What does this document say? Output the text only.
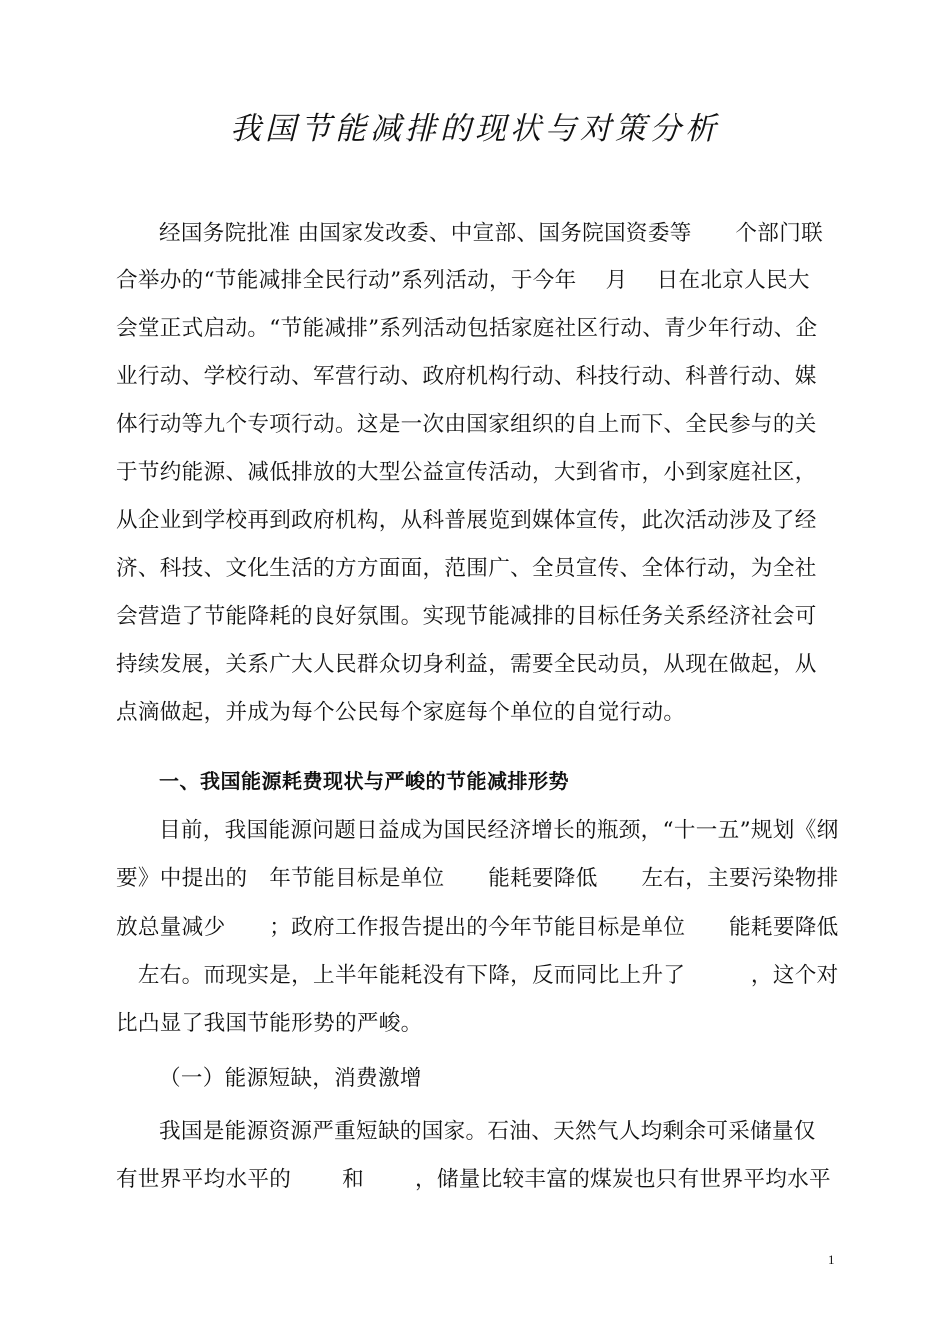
我国节能减排的现状与对策分析
经国务院批准 由国家发改委、中宣部、国务院国资委等　　个部门联
合举办的“节能减排全民行动”系列活动，于今年　 月　 日在北京人民大
会堂正式启动。“节能减排”系列活动包括家庭社区行动、青少年行动、企
业行动、学校行动、军营行动、政府机构行动、科技行动、科普行动、媒
体行动等九个专项行动。这是一次由国家组织的自上而下、全民参与的关
于节约能源、减低排放的大型公益宣传活动，大到省市，小到家庭社区，
从企业到学校再到政府机构，从科普展览到媒体宣传，此次活动涉及了经
济、科技、文化生活的方方面面，范围广、全员宣传、全体行动，为全社
会营造了节能降耗的良好氛围。实现节能减排的目标任务关系经济社会可
持续发展，关系广大人民群众切身利益，需要全民动员，从现在做起，从
点滴做起，并成为每个公民每个家庭每个单位的自觉行动。
一、我国能源耗费现状与严峻的节能减排形势
目前，我国能源问题日益成为国民经济增长的瓶颈，“十一五”规划《纲
要》中提出的　年节能目标是单位　　能耗要降低　　左右，主要污染物排
放总量减少　　；政府工作报告提出的今年节能目标是单位　　能耗要降低
　左右。而现实是，上半年能耗没有下降，反而同比上升了　　　，这个对
比凸显了我国节能形势的严峻。
（一）能源短缺，消费激增
我国是能源资源严重短缺的国家。石油、天然气人均剩余可采储量仅
有世界平均水平的　　 和　　 ，储量比较丰富的煤炭也只有世界平均水平
1
